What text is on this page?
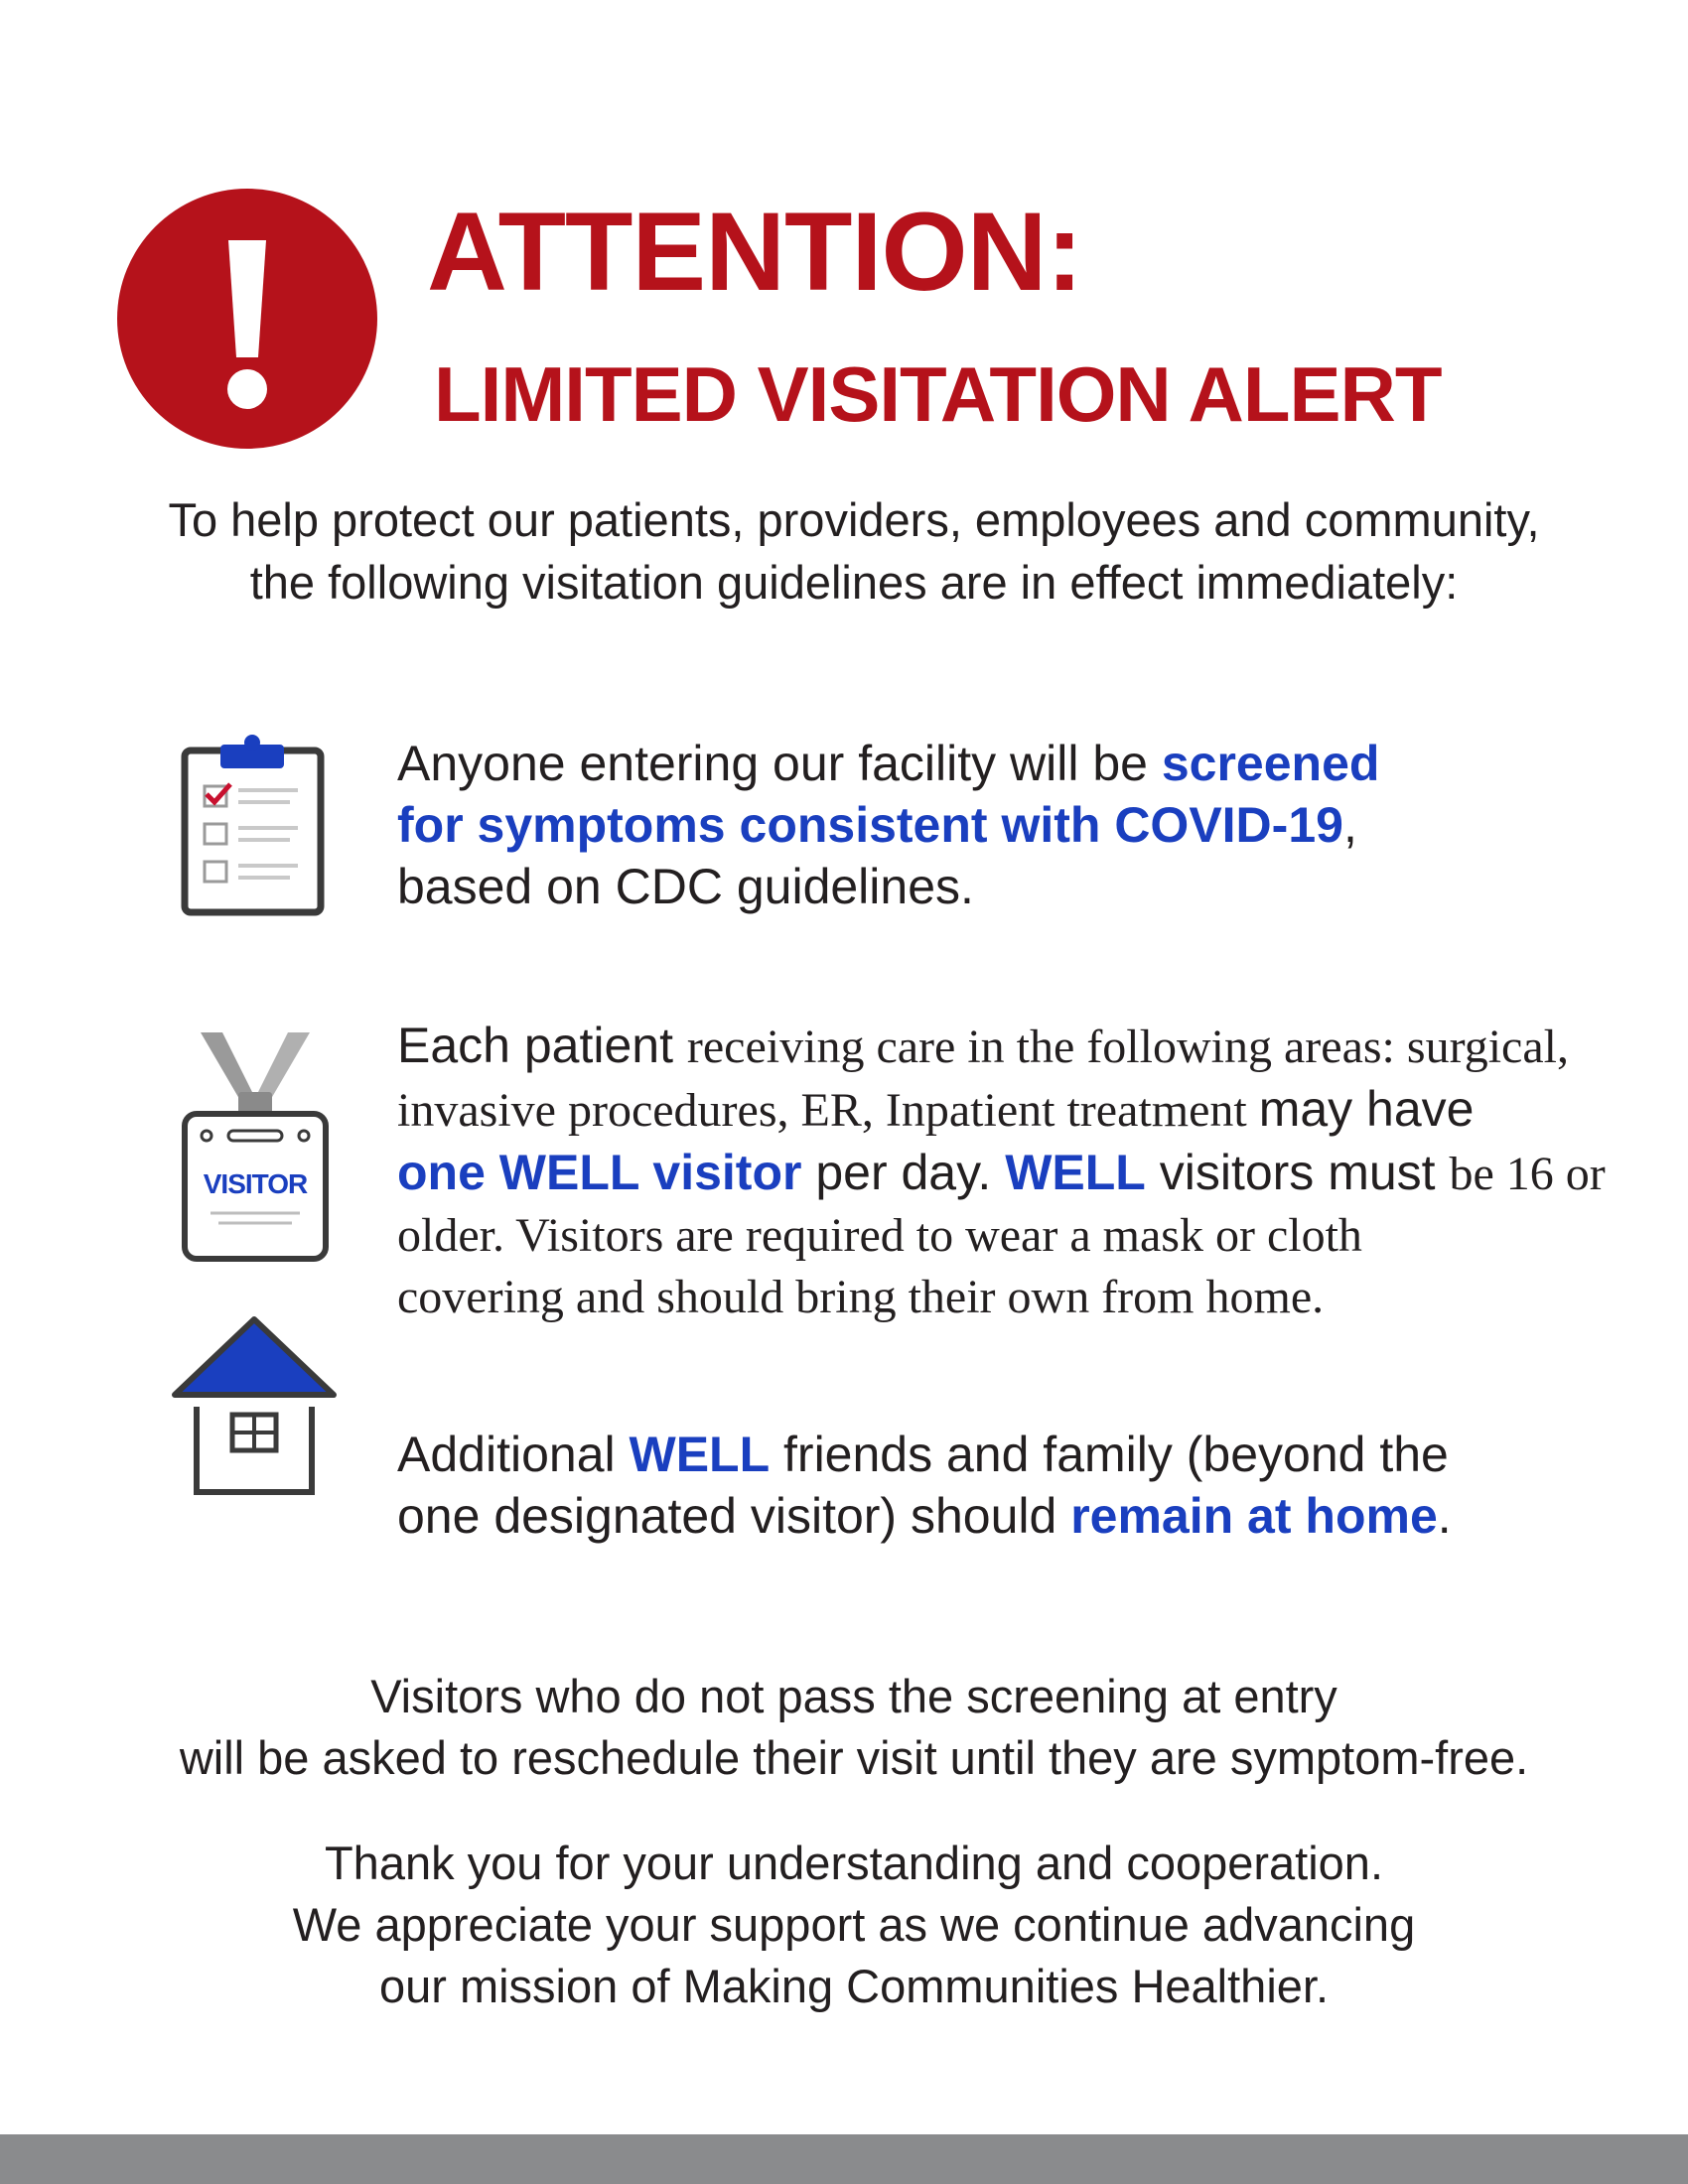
ATTENTION:
LIMITED VISITATION ALERT
To help protect our patients, providers, employees and community,
the following visitation guidelines are in effect immediately:
Anyone entering our facility will be screened
for symptoms consistent with COVID-19,
based on CDC guidelines.
VISITOR
Each patient receiving care in the following areas: surgical,
invasive procedures, ER, Inpatient treatment may have
one WELL visitor per day. WELL visitors must be 16 or
older. Visitors are required to wear a mask or cloth
covering and should bring their own from home.
Additional WELL friends and family (beyond the
one designated visitor) should remain at home.
Visitors who do not pass the screening at entry
will be asked to reschedule their visit until they are symptom-free.
Thank you for your understanding and cooperation.
We appreciate your support as we continue advancing
our mission of Making Communities Healthier.
